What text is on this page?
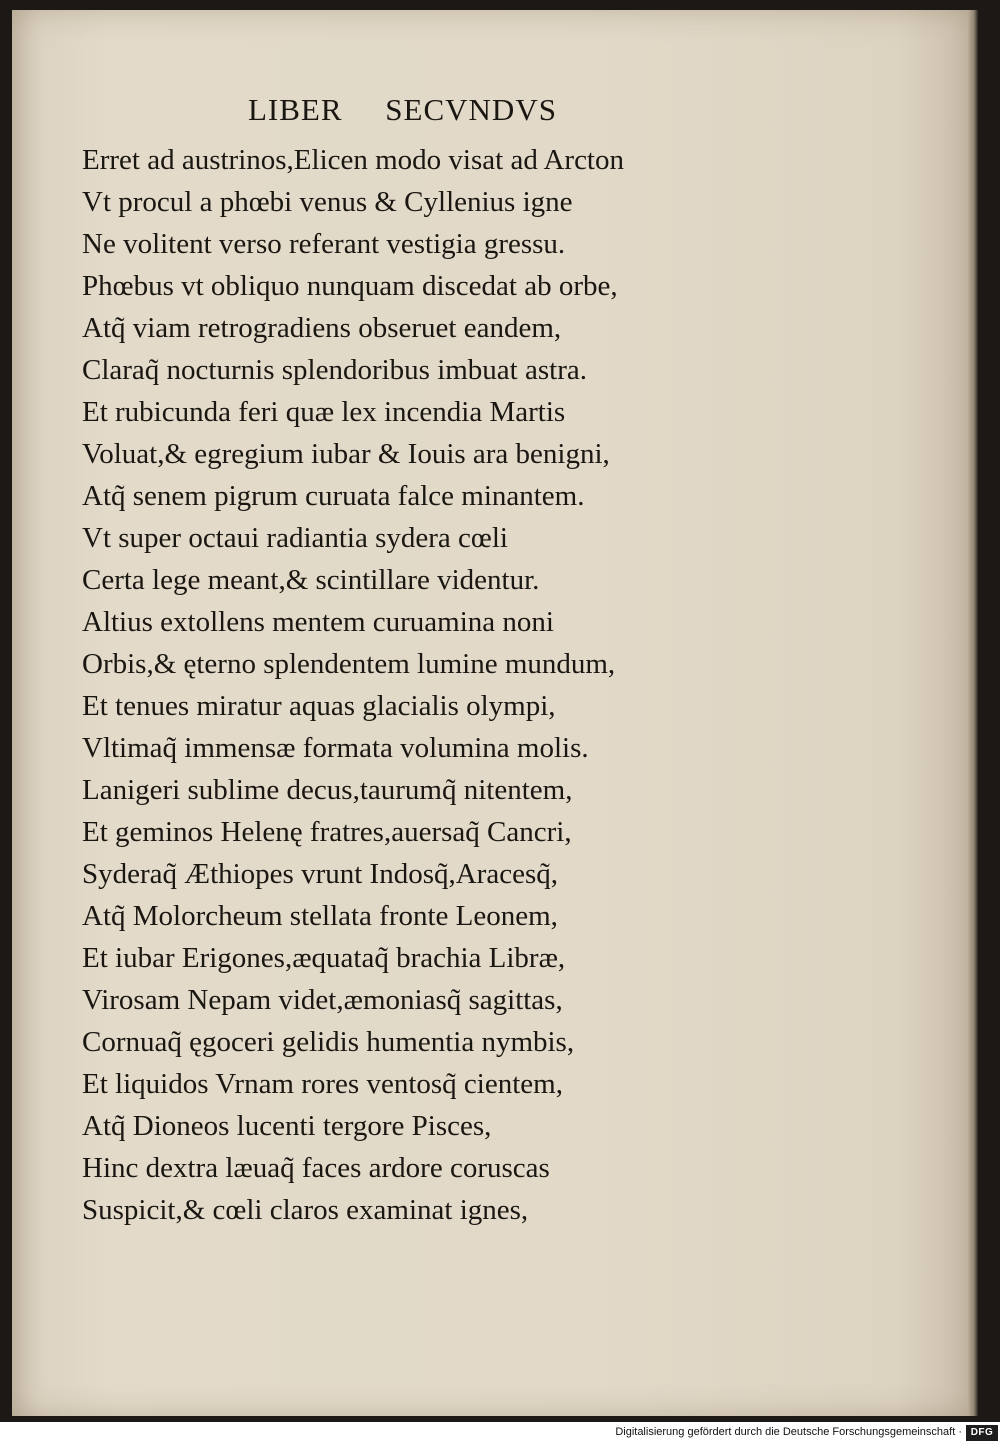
LIBER SECVNDVS
Erret ad austrinos,Elicen modo visat ad Arcton
Vt procul a phœbi venus & Cyllenius igne
Ne volitent verso referant vestigia gressu.
Phœbus vt obliquo nunquam discedat ab orbe,
Atq̃ viam retrogradiens obseruet eandem,
Claraq̃ nocturnis splendoribus imbuat astra.
Et rubicunda feri quæ lex incendia Martis
Voluat,& egregium iubar & Iouis ara benigni,
Atq̃ senem pigrum curuata falce minantem.
Vt super octaui radiantia sydera cœli
Certa lege meant,& scintillare videntur.
Altius extollens mentem curuamina noni
Orbis,& ęterno splendentem lumine mundum,
Et tenues miratur aquas glacialis olympi,
Vltimaq̃ immensæ formata volumina molis.
Lanigeri sublime decus,taurumq̃ nitentem,
Et geminos Helenę fratres,auersaq̃ Cancri,
Syderaq̃ Æthiopes vrunt Indosq̃,Aracesq̃,
Atq̃ Molorcheum stellata fronte Leonem,
Et iubar Erigones,æquataq̃ brachia Libræ,
Virosam Nepam videt,æmoniasq̃ sagittas,
Cornuaq̃ ęgoceri gelidis humentia nymbis,
Et liquidos Vrnam rores ventosq̃ cientem,
Atq̃ Dioneos lucenti tergore Pisces,
Hinc dextra læuaq̃ faces ardore coruscas
Suspicit,& cœli claros examinat ignes,
Digitalisierung gefördert durch die Deutsche Forschungsgemeinschaft · DFG
